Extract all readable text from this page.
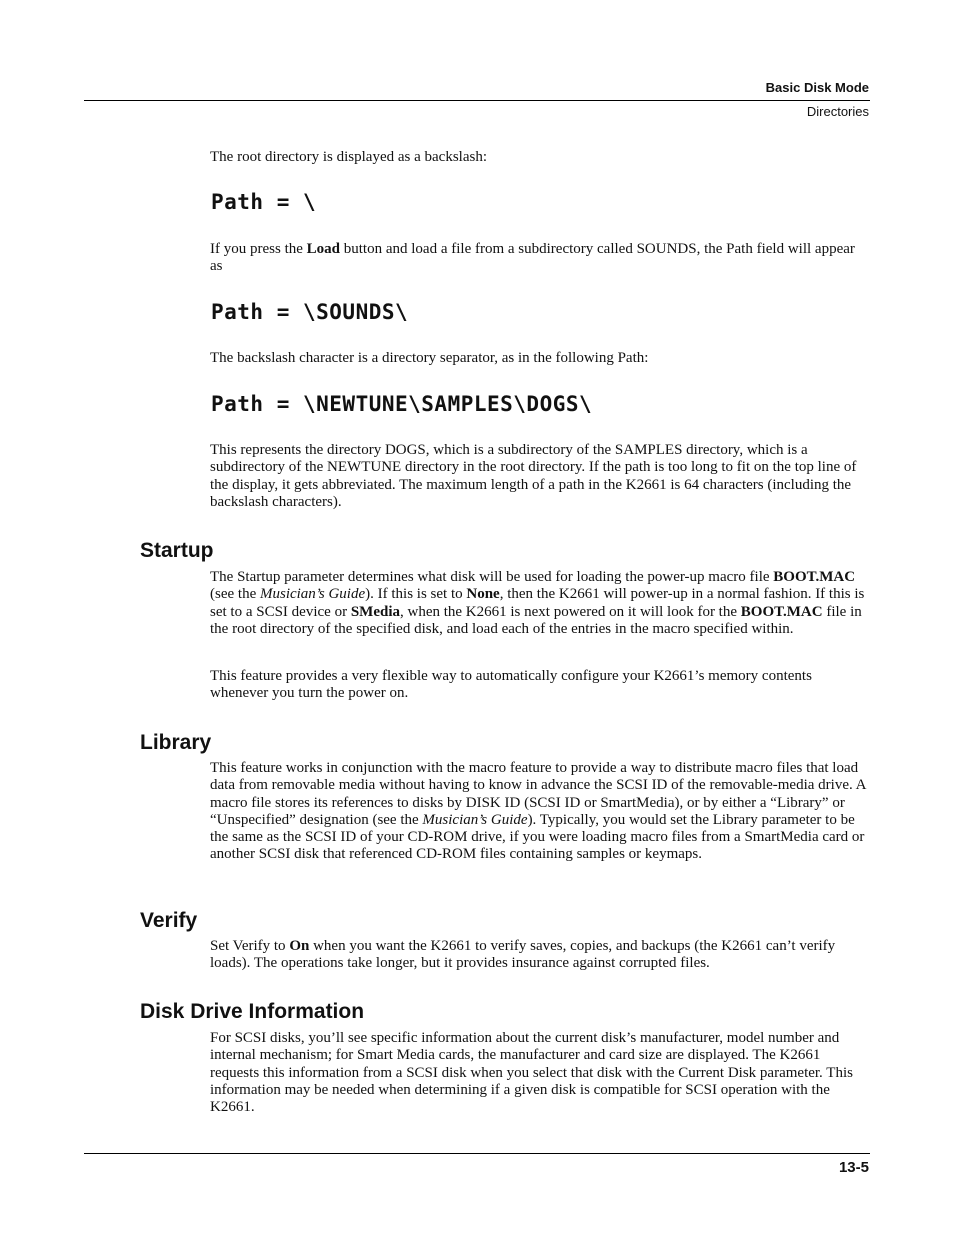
Basic Disk Mode
Directories

The root directory is displayed as a backslash:

Path = \

If you press the Load button and load a file from a subdirectory called SOUNDS, the Path field will appear as

Path = \SOUNDS\

The backslash character is a directory separator, as in the following Path:

Path = \NEWTUNE\SAMPLES\DOGS\

This represents the directory DOGS, which is a subdirectory of the SAMPLES directory, which is a subdirectory of the NEWTUNE directory in the root directory. If the path is too long to fit on the top line of the display, it gets abbreviated. The maximum length of a path in the K2661 is 64 characters (including the backslash characters).

Startup

The Startup parameter determines what disk will be used for loading the power-up macro file BOOT.MAC (see the Musician’s Guide). If this is set to None, then the K2661 will power-up in a normal fashion. If this is set to a SCSI device or SMedia, when the K2661 is next powered on it will look for the BOOT.MAC file in the root directory of the specified disk, and load each of the entries in the macro specified within.

This feature provides a very flexible way to automatically configure your K2661’s memory contents whenever you turn the power on.

Library

This feature works in conjunction with the macro feature to provide a way to distribute macro files that load data from removable media without having to know in advance the SCSI ID of the removable-media drive. A macro file stores its references to disks by DISK ID (SCSI ID or SmartMedia), or by either a “Library” or “Unspecified” designation (see the Musician’s Guide). Typically, you would set the Library parameter to be the same as the SCSI ID of your CD-ROM drive, if you were loading macro files from a SmartMedia card or another SCSI disk that referenced CD-ROM files containing samples or keymaps.

Verify

Set Verify to On when you want the K2661 to verify saves, copies, and backups (the K2661 can’t verify loads). The operations take longer, but it provides insurance against corrupted files.

Disk Drive Information

For SCSI disks, you’ll see specific information about the current disk’s manufacturer, model number and internal mechanism; for Smart Media cards, the manufacturer and card size are displayed. The K2661 requests this information from a SCSI disk when you select that disk with the Current Disk parameter. This information may be needed when determining if a given disk is compatible for SCSI operation with the K2661.

13-5
